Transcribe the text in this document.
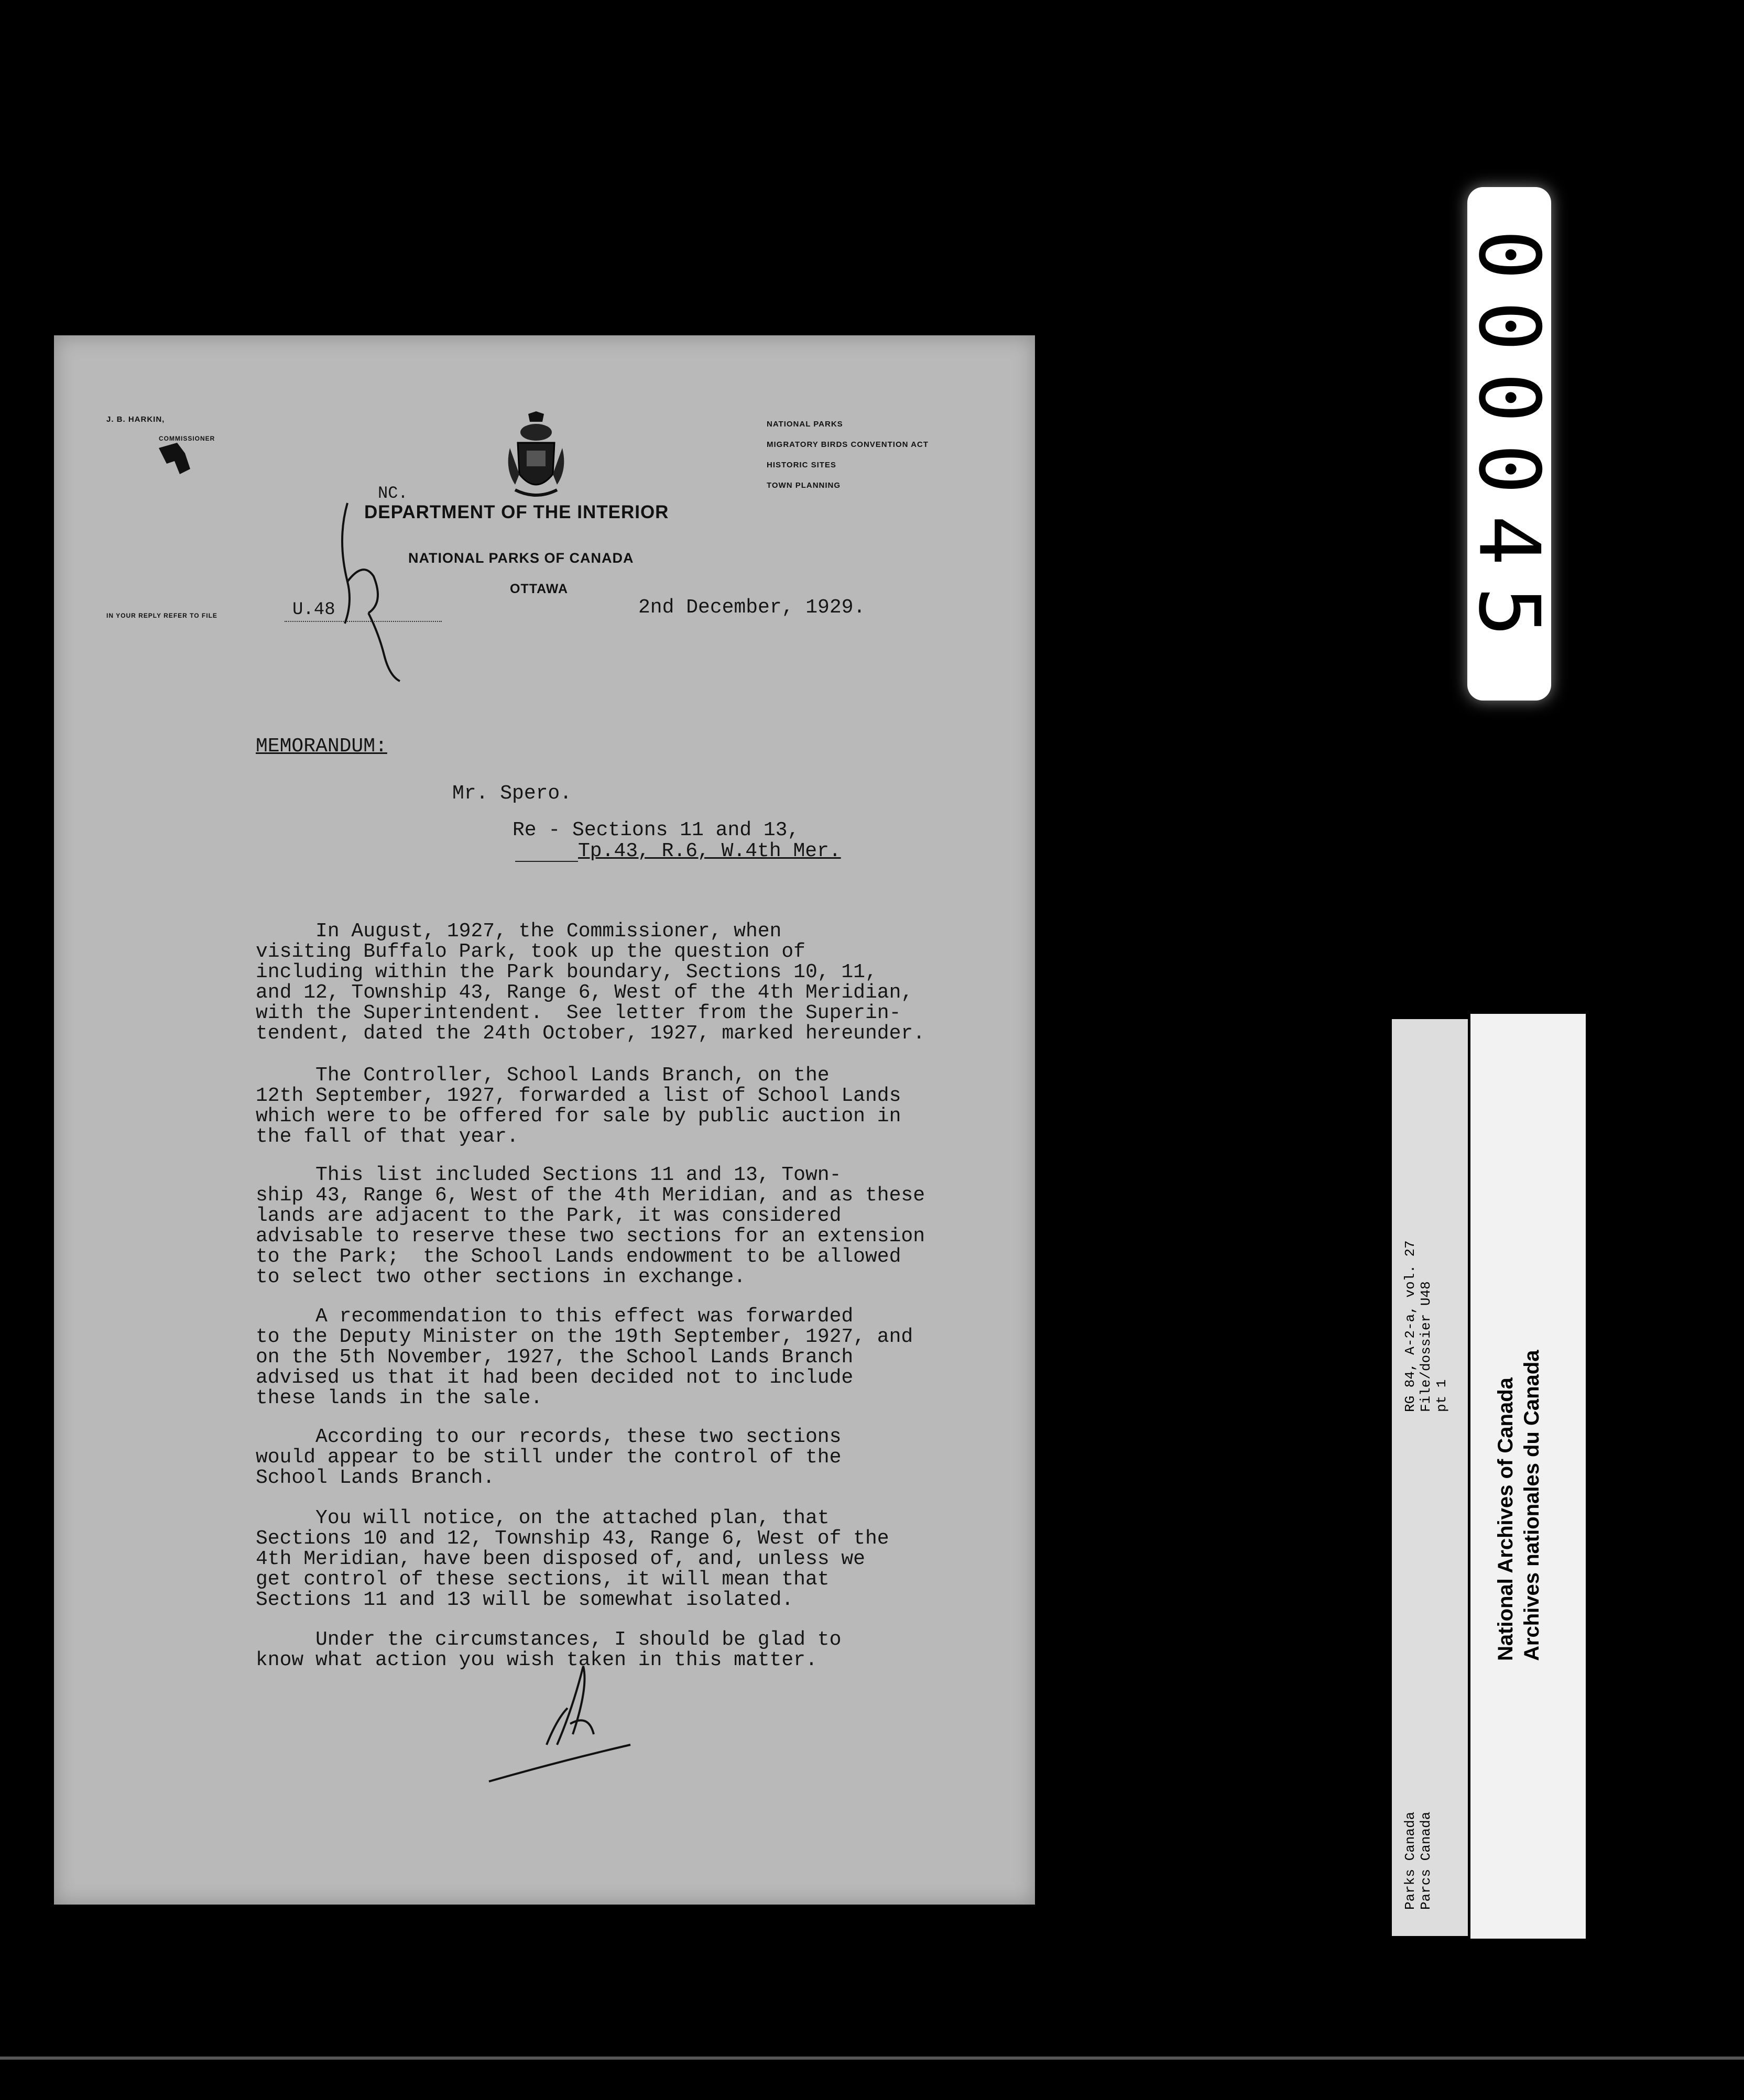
J. B. HARKIN,
COMMISSIONER
NATIONAL PARKS
MIGRATORY BIRDS CONVENTION ACT
HISTORIC SITES
TOWN PLANNING
NC.
DEPARTMENT OF THE INTERIOR
NATIONAL PARKS OF CANADA
OTTAWA
IN YOUR REPLY REFER TO FILE	U.48	2nd December, 1929.
MEMORANDUM:
Mr. Spero.
Re - Sections 11 and 13,
Tp.43, R.6, W.4th Mer.

In August, 1927, the Commissioner, when
visiting Buffalo Park, took up the question of
including within the Park boundary, Sections 10, 11,
and 12, Township 43, Range 6, West of the 4th Meridian,
with the Superintendent.  See letter from the Superin-
tendent, dated the 24th October, 1927, marked hereunder.

The Controller, School Lands Branch, on the
12th September, 1927, forwarded a list of School Lands
which were to be offered for sale by public auction in
the fall of that year.

This list included Sections 11 and 13, Town-
ship 43, Range 6, West of the 4th Meridian, and as these
lands are adjacent to the Park, it was considered
advisable to reserve these two sections for an extension
to the Park;  the School Lands endowment to be allowed
to select two other sections in exchange.

A recommendation to this effect was forwarded
to the Deputy Minister on the 19th September, 1927, and
on the 5th November, 1927, the School Lands Branch
advised us that it had been decided not to include
these lands in the sale.

According to our records, these two sections
would appear to be still under the control of the
School Lands Branch.

You will notice, on the attached plan, that
Sections 10 and 12, Township 43, Range 6, West of the
4th Meridian, have been disposed of, and, unless we
get control of these sections, it will mean that
Sections 11 and 13 will be somewhat isolated.

Under the circumstances, I should be glad to
know what action you wish taken in this matter.

000045
RG 84, A-2-a, vol. 27 File/dossier U48 pt 1
Parks Canada Parcs Canada
National Archives of Canada Archives nationales du Canada
